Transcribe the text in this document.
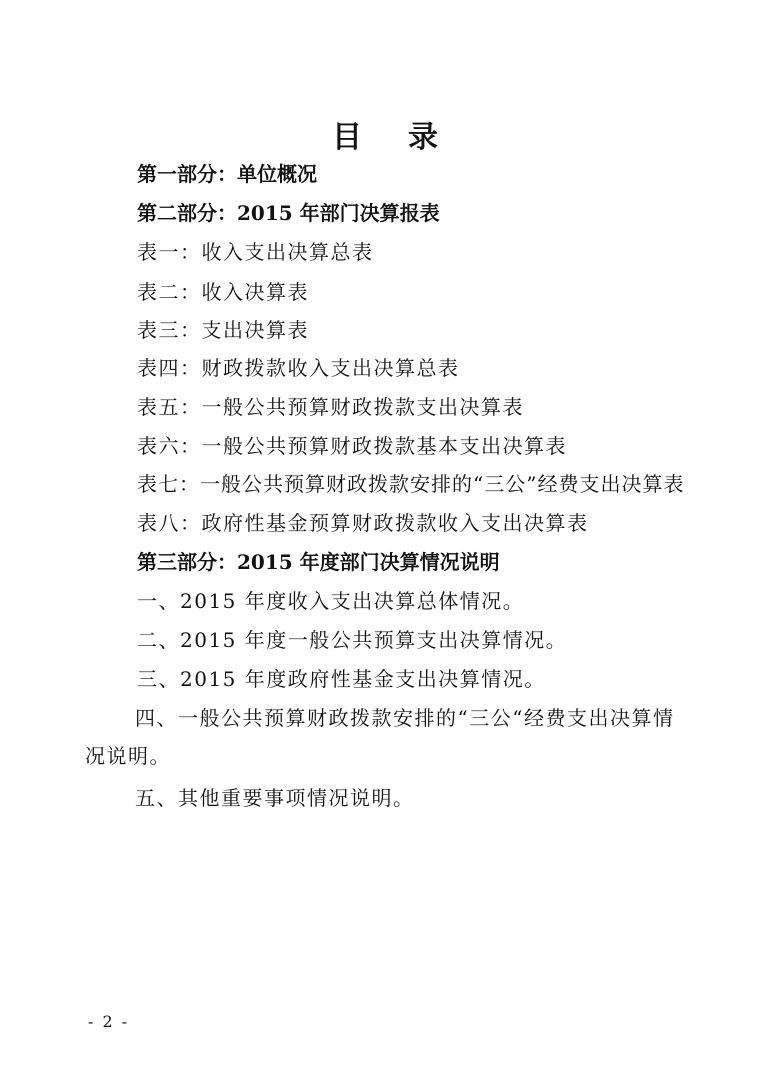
目录
第一部分：单位概况
第二部分：2015 年部门决算报表
表一：收入支出决算总表
表二：收入决算表
表三：支出决算表
表四：财政拨款收入支出决算总表
表五：一般公共预算财政拨款支出决算表
表六：一般公共预算财政拨款基本支出决算表
表七：一般公共预算财政拨款安排的“三公”经费支出决算表
表八：政府性基金预算财政拨款收入支出决算表
第三部分：2015 年度部门决算情况说明
一、2015 年度收入支出决算总体情况。
二、2015 年度一般公共预算支出决算情况。
三、2015 年度政府性基金支出决算情况。
四、一般公共预算财政拨款安排的“三公“经费支出决算情况说明。
五、其他重要事项情况说明。
- 2 -
